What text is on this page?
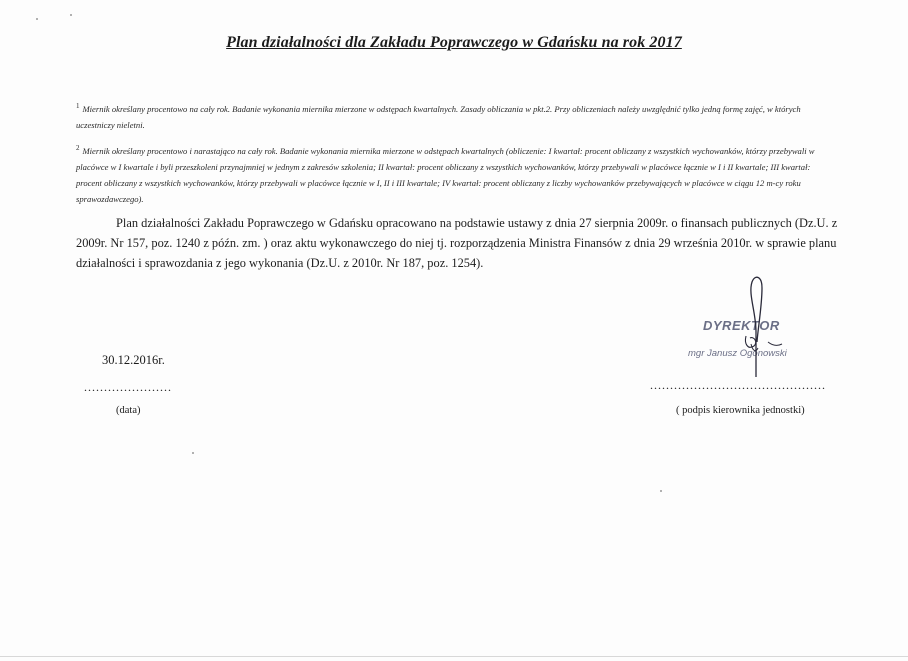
Plan działalności dla Zakładu Poprawczego w Gdańsku na rok 2017
$^1$ Miernik określany procentowo na cały rok. Badanie wykonania miernika mierzone w odstępach kwartalnych. Zasady obliczania w pkt.2. Przy obliczeniach należy uwzględnić tylko jedną formę zajęć, w których uczestniczy nieletni.
$^2$ Miernik określany procentowo i narastająco na cały rok. Badanie wykonania miernika mierzone w odstępach kwartalnych (obliczenie: I kwartał: procent obliczany z wszystkich wychowanków, którzy przebywali w placówce w I kwartale i byli przeszkoleni przynajmniej w jednym z zakresów szkolenia; II kwartał: procent obliczany z wszystkich wychowanków, którzy przebywali w placówce łącznie w I i II kwartale; III kwartał: procent obliczany z wszystkich wychowanków, którzy przebywali w placówce łącznie w I, II i III kwartale; IV kwartał: procent obliczany z liczby wychowanków przebywających w placówce w ciągu 12 m-cy roku sprawozdawczego).
Plan działalności Zakładu Poprawczego w Gdańsku opracowano na podstawie ustawy z dnia 27 sierpnia 2009r. o finansach publicznych (Dz.U. z 2009r. Nr 157, poz. 1240 z późn. zm. ) oraz aktu wykonawczego do niej tj. rozporządzenia Ministra Finansów z dnia 29 września 2010r. w sprawie planu działalności i sprawozdania z jego wykonania (Dz.U. z 2010r. Nr 187, poz. 1254).
30.12.2016r.
......................
(data)
DYREKTOR
mgr Janusz Ogonowski
............................................
( podpis kierownika jednostki)
